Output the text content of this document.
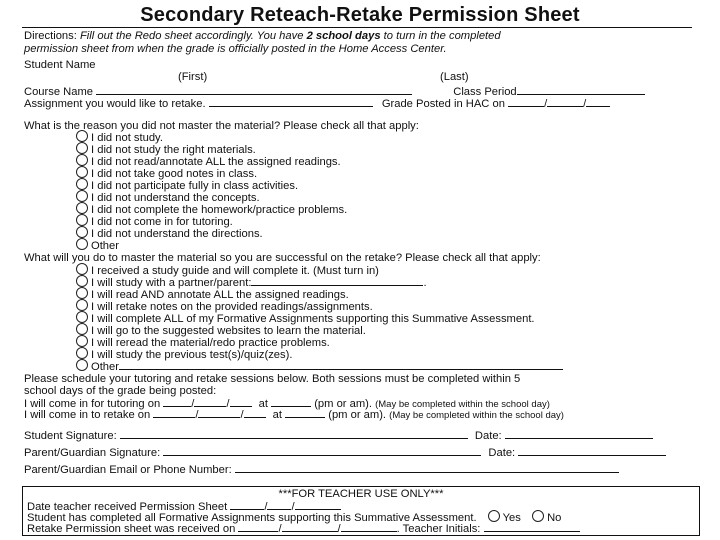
Secondary Reteach-Retake Permission Sheet
Directions: Fill out the Redo sheet accordingly. You have 2 school days to turn in the completed
permission sheet from when the grade is officially posted in the Home Access Center.
Student Name
(First)	(Last)
Course Name	Class Period
Assignment you would like to retake.	Grade Posted in HAC on	/	/
What is the reason you did not master the material? Please check all that apply:
I did not study.
I did not study the right materials.
I did not read/annotate ALL the assigned readings.
I did not take good notes in class.
I did not participate fully in class activities.
I did not understand the concepts.
I did not complete the homework/practice problems.
I did not come in for tutoring.
I did not understand the directions.
Other
What will you do to master the material so you are successful on the retake? Please check all that apply:
I received a study guide and will complete it. (Must turn in)
I will study with a partner/parent:	.
I will read AND annotate ALL the assigned readings.
I will retake notes on the provided readings/assignments.
I will complete ALL of my Formative Assignments supporting this Summative Assessment.
I will go to the suggested websites to learn the material.
I will reread the material/redo practice problems.
I will study the previous test(s)/quiz(zes).
Other
Please schedule your tutoring and retake sessions below. Both sessions must be completed within 5
school days of the grade being posted:
I will come in for tutoring on	/	/	at	(pm or am). (May be completed within the school day)
I will come in to retake on	/	/	at	(pm or am). (May be completed within the school day)
Student Signature:	Date:
Parent/Guardian Signature:	Date:
Parent/Guardian Email or Phone Number:
***FOR TEACHER USE ONLY***
Date teacher received Permission Sheet	/ /
Student has completed all Formative Assignments supporting this Summative Assessment. Yes No
Retake Permission sheet was received on	/	/	. Teacher Initials:
